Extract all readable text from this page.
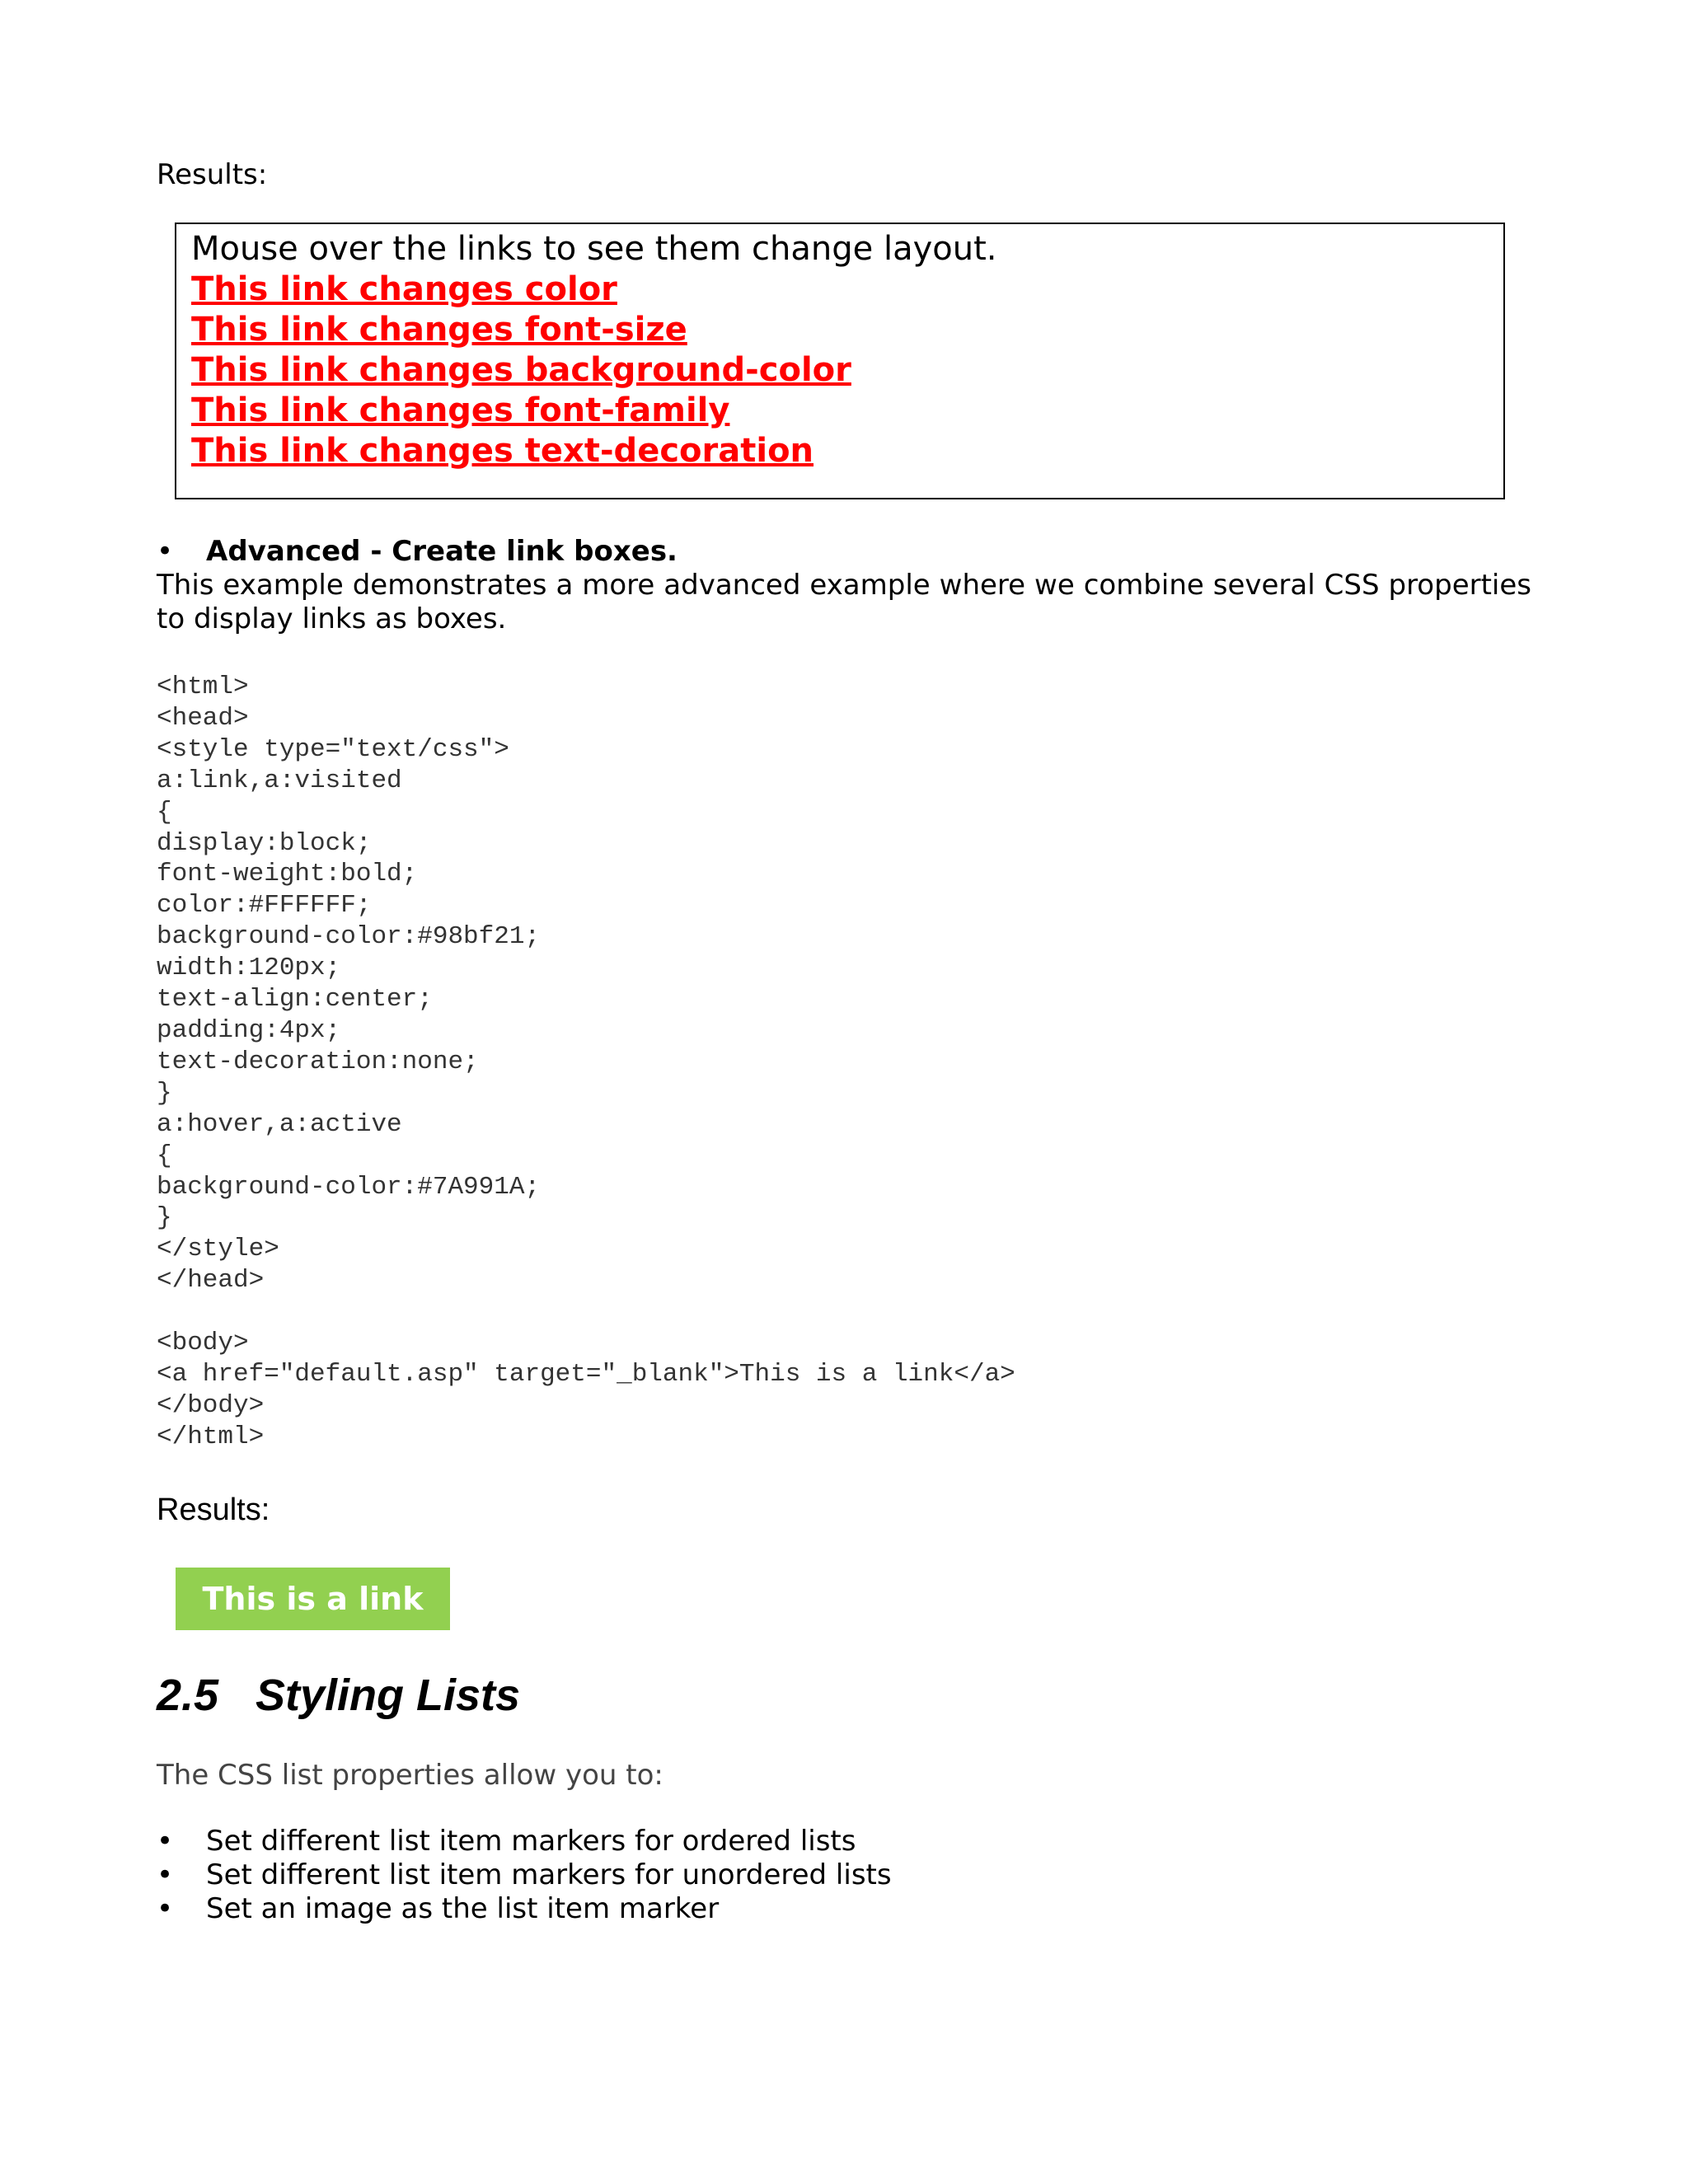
Results:
Mouse over the links to see them change layout.
This link changes color
This link changes font-size
This link changes background-color
This link changes font-family
This link changes text-decoration
• Advanced - Create link boxes.
This example demonstrates a more advanced example where we combine several CSS properties to display links as boxes.
<html>
<head>
<style type="text/css">
a:link,a:visited
{
display:block;
font-weight:bold;
color:#FFFFFF;
background-color:#98bf21;
width:120px;
text-align:center;
padding:4px;
text-decoration:none;
}
a:hover,a:active
{
background-color:#7A991A;
}
</style>
</head>
<body>
<a href="default.asp" target="_blank">This is a link</a>
</body>
</html>
Results:
This is a link
2.5 Styling Lists
The CSS list properties allow you to:
• Set different list item markers for ordered lists
• Set different list item markers for unordered lists
• Set an image as the list item marker
